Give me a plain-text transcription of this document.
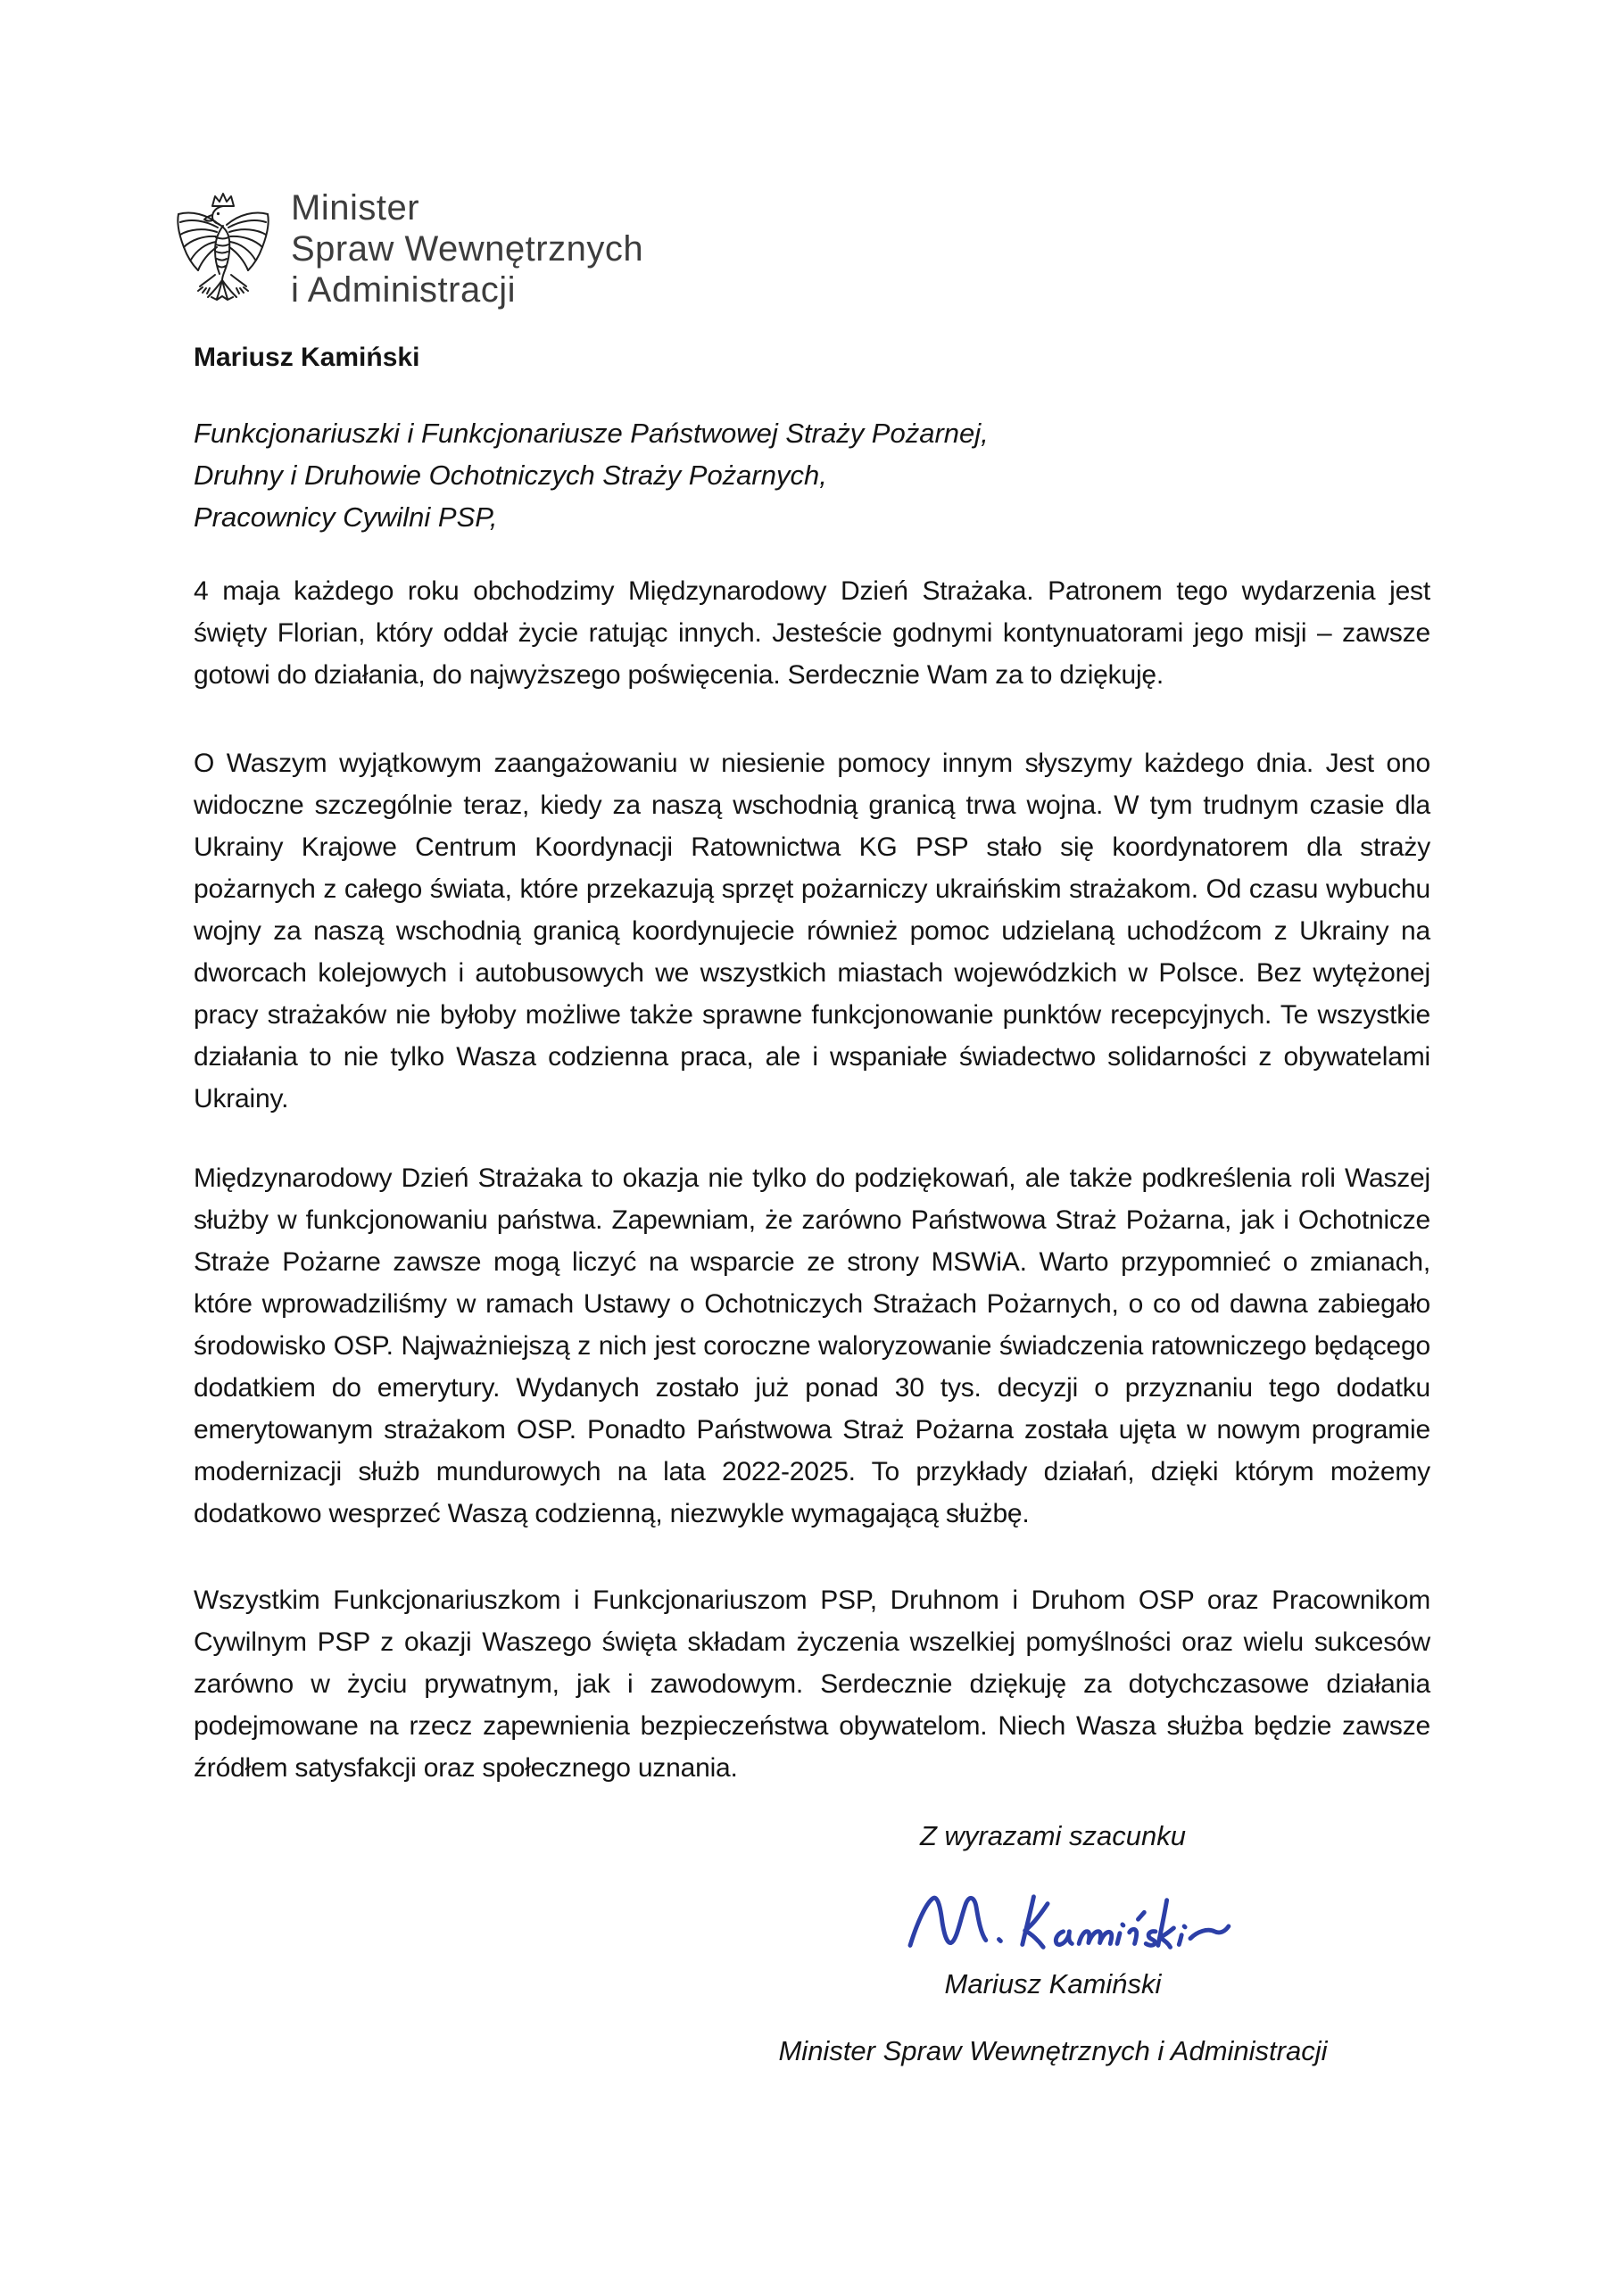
Minister
Spraw Wewnętrznych
i Administracji
Mariusz Kamiński
Funkcjonariuszki i Funkcjonariusze Państwowej Straży Pożarnej,
Druhny i Druhowie Ochotniczych Straży Pożarnych,
Pracownicy Cywilni PSP,
4 maja każdego roku obchodzimy Międzynarodowy Dzień Strażaka. Patronem tego wydarzenia jest święty Florian, który oddał życie ratując innych. Jesteście godnymi kontynuatorami jego misji – zawsze gotowi do działania, do najwyższego poświęcenia. Serdecznie Wam za to dziękuję.
O Waszym wyjątkowym zaangażowaniu w niesienie pomocy innym słyszymy każdego dnia. Jest ono widoczne szczególnie teraz, kiedy za naszą wschodnią granicą trwa wojna. W tym trudnym czasie dla Ukrainy Krajowe Centrum Koordynacji Ratownictwa KG PSP stało się koordynatorem dla straży pożarnych z całego świata, które przekazują sprzęt pożarniczy ukraińskim strażakom. Od czasu wybuchu wojny za naszą wschodnią granicą koordynujecie również pomoc udzielaną uchodźcom z Ukrainy na dworcach kolejowych i autobusowych we wszystkich miastach wojewódzkich w Polsce. Bez wytężonej pracy strażaków nie byłoby możliwe także sprawne funkcjonowanie punktów recepcyjnych. Te wszystkie działania to nie tylko Wasza codzienna praca, ale i wspaniałe świadectwo solidarności z obywatelami Ukrainy.
Międzynarodowy Dzień Strażaka to okazja nie tylko do podziękowań, ale także podkreślenia roli Waszej służby w funkcjonowaniu państwa. Zapewniam, że zarówno Państwowa Straż Pożarna, jak i Ochotnicze Straże Pożarne zawsze mogą liczyć na wsparcie ze strony MSWiA. Warto przypomnieć o zmianach, które wprowadziliśmy w ramach Ustawy o Ochotniczych Strażach Pożarnych, o co od dawna zabiegało środowisko OSP. Najważniejszą z nich jest coroczne waloryzowanie świadczenia ratowniczego będącego dodatkiem do emerytury. Wydanych zostało już ponad 30 tys. decyzji o przyznaniu tego dodatku emerytowanym strażakom OSP. Ponadto Państwowa Straż Pożarna została ujęta w nowym programie modernizacji służb mundurowych na lata 2022-2025. To przykłady działań, dzięki którym możemy dodatkowo wesprzeć Waszą codzienną, niezwykle wymagającą służbę.
Wszystkim Funkcjonariuszkom i Funkcjonariuszom PSP, Druhnom i Druhom OSP oraz Pracownikom Cywilnym PSP z okazji Waszego święta składam życzenia wszelkiej pomyślności oraz wielu sukcesów zarówno w życiu prywatnym, jak i zawodowym. Serdecznie dziękuję za dotychczasowe działania podejmowane na rzecz zapewnienia bezpieczeństwa obywatelom. Niech Wasza służba będzie zawsze źródłem satysfakcji oraz społecznego uznania.
Z wyrazami szacunku
Mariusz Kamiński
Minister Spraw Wewnętrznych i Administracji
